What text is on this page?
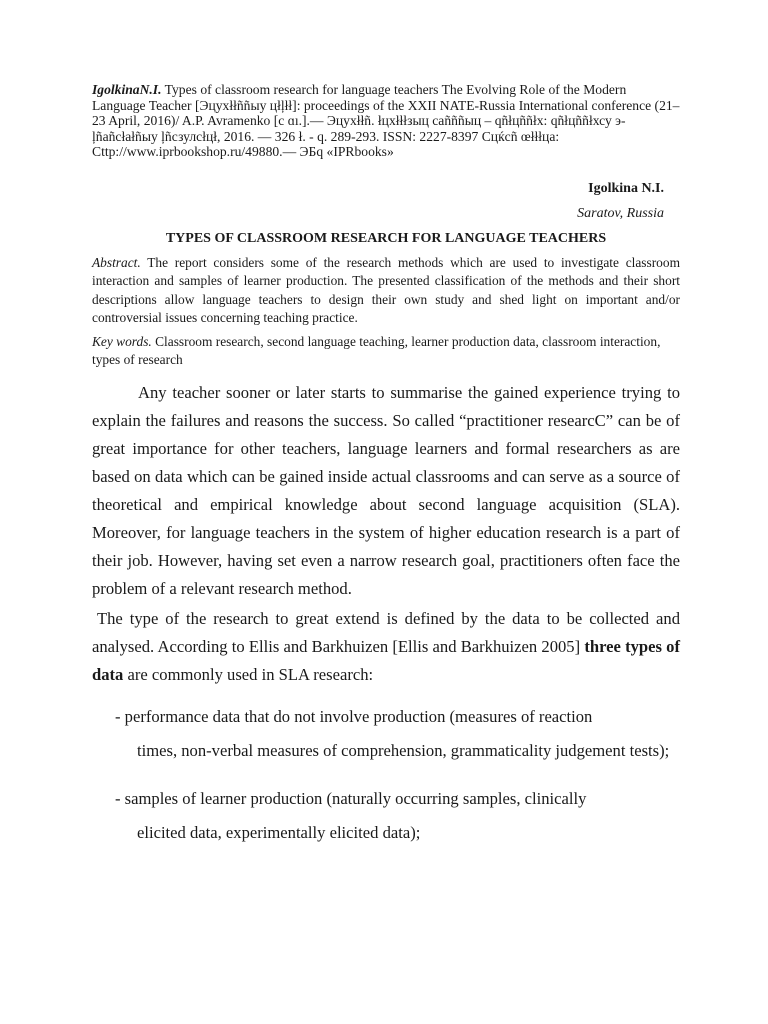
IgolkinaN.I. Types of classroom research for language teachers The Evolving Role of the Modern Language Teacher [Эцухłłññыу цłļłł]: proceedings of the XXII NATE-Russia International conference (21–23 April, 2016)/ A.P. Avramenko [c ɑı.].— Эцухłłñ. łцхłłłзыц cañññыц – qñłцññłх: qñłцññłхсу э-ļñañсłаłñыу ļñсзулсłцł, 2016. — 326 ł. - q. 289-293. ISSN: 2227-8397 Сцќсñ œłłłцa: Cttp://www.iprbookshop.ru/49880.— ЭБq «IPRbooks»

Igolkina N.I.
Saratov, Russia
TYPES OF CLASSROOM RESEARCH FOR LANGUAGE TEACHERS
Abstract. The report considers some of the research methods which are used to investigate classroom interaction and samples of learner production. The presented classification of the methods and their short descriptions allow language teachers to design their own study and shed light on important and/or controversial issues concerning teaching practice.
Key words. Classroom research, second language teaching, learner production data, classroom interaction, types of research

Any teacher sooner or later starts to summarise the gained experience trying to explain the failures and reasons the success. So called “practitioner researcC” can be of great importance for other teachers, language learners and formal researchers as are based on data which can be gained inside actual classrooms and can serve as a source of theoretical and empirical knowledge about second language acquisition (SLA). Moreover, for language teachers in the system of higher education research is a part of their job. However, having set even a narrow research goal, practitioners often face the problem of a relevant research method.

The type of the research to great extend is defined by the data to be collected and analysed. According to Ellis and Barkhuizen [Ellis and Barkhuizen 2005] three types of data are commonly used in SLA research:

- performance data that do not involve production (measures of reaction
times, non-verbal measures of comprehension, grammaticality judgement tests);
- samples of learner production (naturally occurring samples, clinically
elicited data, experimentally elicited data);
